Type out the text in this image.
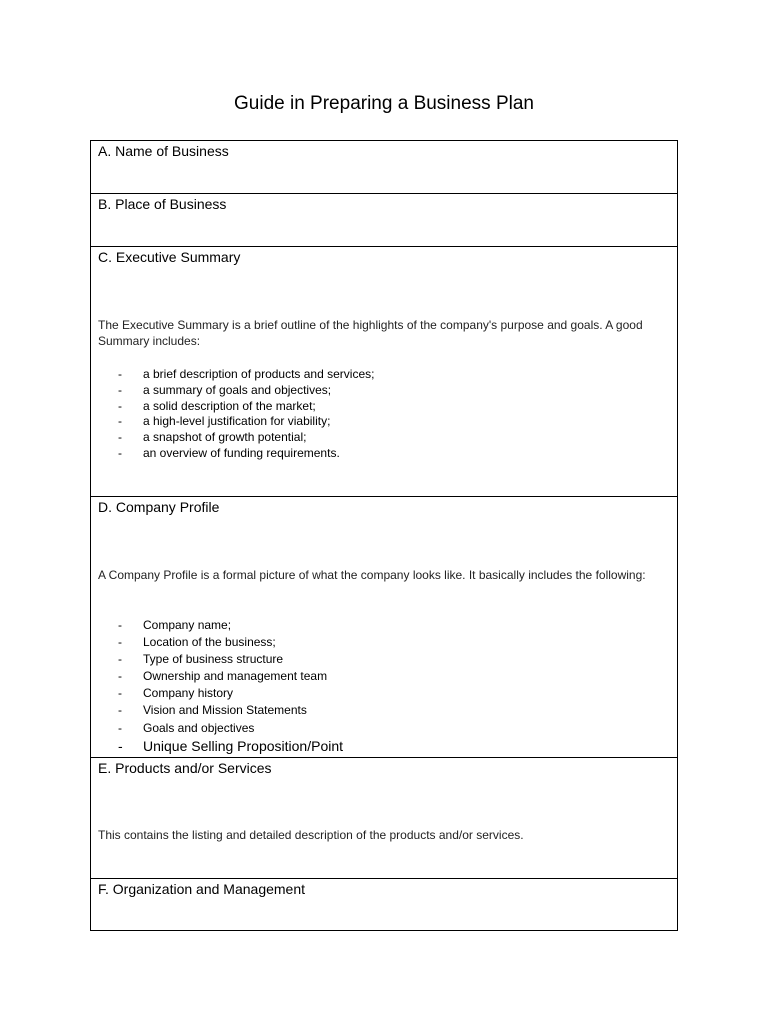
Guide in Preparing a Business Plan
A. Name of Business
B. Place of Business
C. Executive Summary
The Executive Summary is a brief outline of the highlights of the company's purpose and goals. A good Summary includes:
- a brief description of products and services;
- a summary of goals and objectives;
- a solid description of the market;
- a high-level justification for viability;
- a snapshot of growth potential;
- an overview of funding requirements.
D. Company Profile
A Company Profile is a formal picture of what the company looks like. It basically includes the following:
- Company name;
- Location of the business;
- Type of business structure
- Ownership and management team
- Company history
- Vision and Mission Statements
- Goals and objectives
- Unique Selling Proposition/Point
E. Products and/or Services
This contains the listing and detailed description of the products and/or services.
F. Organization and Management
